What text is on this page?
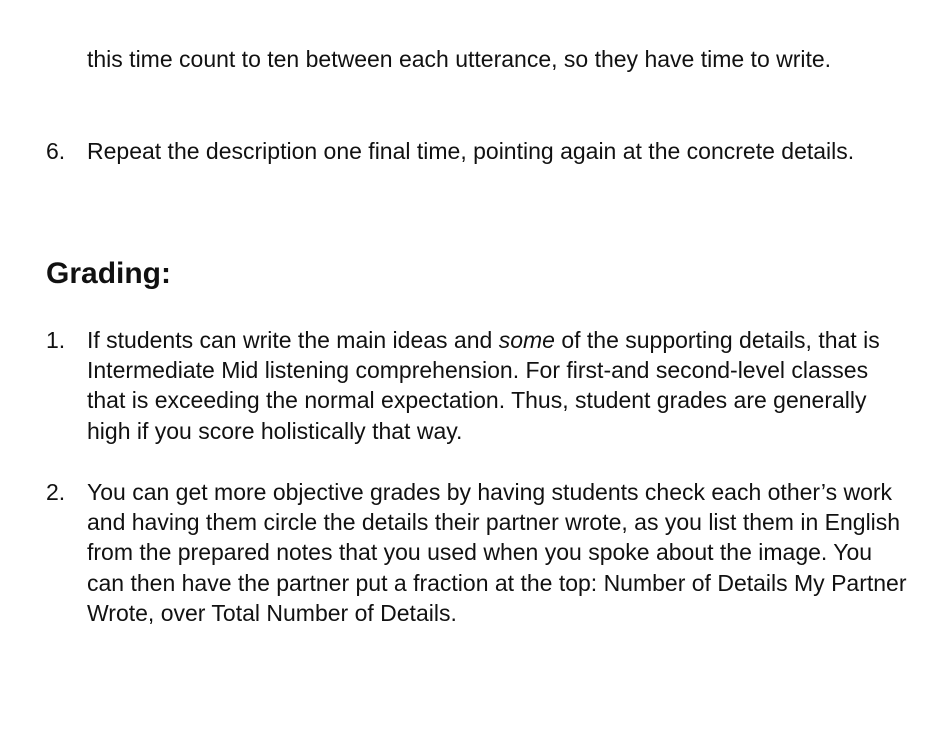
this time count to ten between each utterance, so they have time to write.

6. Repeat the description one final time, pointing again at the concrete details.
Grading:
1. If students can write the main ideas and some of the supporting details, that is Intermediate Mid listening comprehension. For first-and second-level classes that is exceeding the normal expectation. Thus, student grades are generally high if you score holistically that way.
2. You can get more objective grades by having students check each other’s work and having them circle the details their partner wrote, as you list them in English from the prepared notes that you used when you spoke about the image. You can then have the partner put a fraction at the top: Number of Details My Partner Wrote, over Total Number of Details.
